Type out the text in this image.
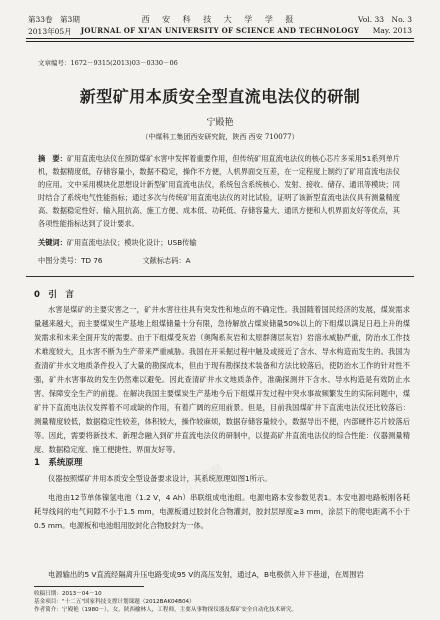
第33卷　第3期	西 安 科 技 大 学 学 报	Vol. 33　No. 3
2013年05月	JOURNAL OF XI'AN UNIVERSITY OF SCIENCE AND TECHNOLOGY	May. 2013
文章编号：1672－9315(2013)03－0330－06
新型矿用本质安全型直流电法仪的研制
宁殿艳
（中煤科工集团西安研究院，陕西 西安 710077）
摘　要：矿用直流电法仪在预防煤矿水害中发挥着重要作用，但传统矿用直流电法仪的核心芯片多采用51系列单片机，数据精度低，存储容量小，数据不稳定，操作不方便，人机界面交互差，在一定程度上制约了矿用直流电法仪的应用。文中采用模块化思想设计新型矿用直流电法仪，系统包含系统核心、发射、接收、储存、通讯等模块；同时结合了系统电气性能指标；通过多次与传统矿用直流电法仪的对比试验，证明了该新型直流电法仪具有测量精度高、数据稳定性好、输入阻抗高、施工方便、成本低、功耗低、存储容量大、通讯方便和人机界面友好等优点，其各项性能指标达到了设计要求。
关键词：矿用直流电法仪；模块化设计；USB传输
中图分类号：TD 76	文献标志码：A
0　引　言
水害是煤矿的主要灾害之一，矿井水害往往具有突发性和地点的不确定性。我国随着国民经济的发展，煤炭需求量越来越大，而主要煤炭生产基地上组煤储量十分有限，急待解放占煤炭储量50%以上的下组煤以满足日趋上升的煤炭需求和未来全面开发的需要。由于下组煤受灰岩（奥陶系灰岩和太原群薄层灰岩）岩溶水威胁严重，防治水工作技术难度较大，且水害不断为生产带来严重威胁。我国在开采掘过程中触及或接近了含水、导水构造而发生的。我国为查清矿井水文地质条件投入了大量的勘探成本，但由于现有勘探技术装备和方法比较落后，使防治水工作的针对性不强，矿井水害事故的发生仍然难以避免。因此查清矿井水文地质条件，准确探测井下含水、导水构造是有效防止水害、保障安全生产的前提。在解决我国主要煤炭生产基地今后下组煤开发过程中突水事故频繁发生的实际问题中，煤矿井下直流电法仪发挥着不可或缺的作用，有着广阔的应用前景。但是，目前我国煤矿井下直流电法仪还比较落后：测量精度较低，数据稳定性较差，体积较大，操作较麻烦，数据存储容量较小，数据导出不便，内部硬件芯片较落后等。因此，需要将新技术、新理念融入到矿井直流电法仪的研制中，以提高矿井直流电法仪的综合性能：仪器测量精度、数据稳定度、施工便捷性、界面友好等。
1　系统原理
仪器按照煤矿井用本质安全型设备要求设计，其系统原理如图1所示。
电池由12节单体镍氢电池（1.2 V，4 Ah）串联组成电池组。电源电路本安参数见表1。本安电源电路板刚各耗耗导线间的电气间隙不小于1.5 mm，电源板通过胶封化合物灌封，胶封层厚度≥3 mm，涂层下的爬电距离不小于0.5 mm。电源板和电池组用胶封化合物胶封为一体。
电源输出的5 V直流经隔离升压电路变成95 V的高压发射，通过A，B电极供入井下巷道，在周围岩
收稿日期：2013－04－10
基金项目："十二五"国家科技支撑计划课题（2012BAK04B04）
作者简介：宁殿艳（1980－），女，陕西榆林人，工程师，主要从事物探仪器及煤矿安全自动化技术研究。
万方数据
万方数据
万方数据
